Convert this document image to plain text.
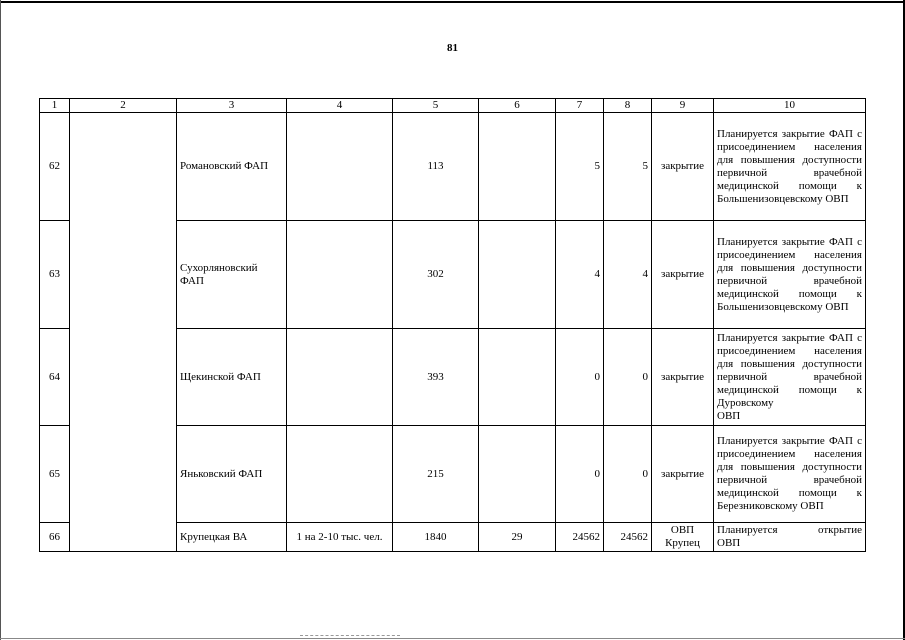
81
1	2	3	4	5	6	7	8	9	10
62		Романовский ФАП		113		5	5	закрытие	Планируется закрытие ФАП с присоединением населения для повышения доступности первичной врачебной медицинской помощи к
Большенизовцевскому ОВП

63		Сухорляновский ФАП		302		4	4	закрытие	Планируется закрытие ФАП с присоединением населения для повышения доступности первичной врачебной медицинской помощи к
Большенизовцевскому ОВП

64		Щекинской ФАП		393		0	0	закрытие	Планируется закрытие ФАП с присоединением населения для повышения доступности первичной врачебной медицинской помощи к Дуровскому
ОВП

65		Яньковский ФАП		215		0	0	закрытие	Планируется закрытие ФАП с присоединением населения для повышения доступности первичной врачебной медицинской помощи к
Березниковскому ОВП

66		Крупецкая ВА	1 на 2-10 тыс. чел.	1840	29	24562	24562	ОВП Крупец	Планируется открытие
ОВП
